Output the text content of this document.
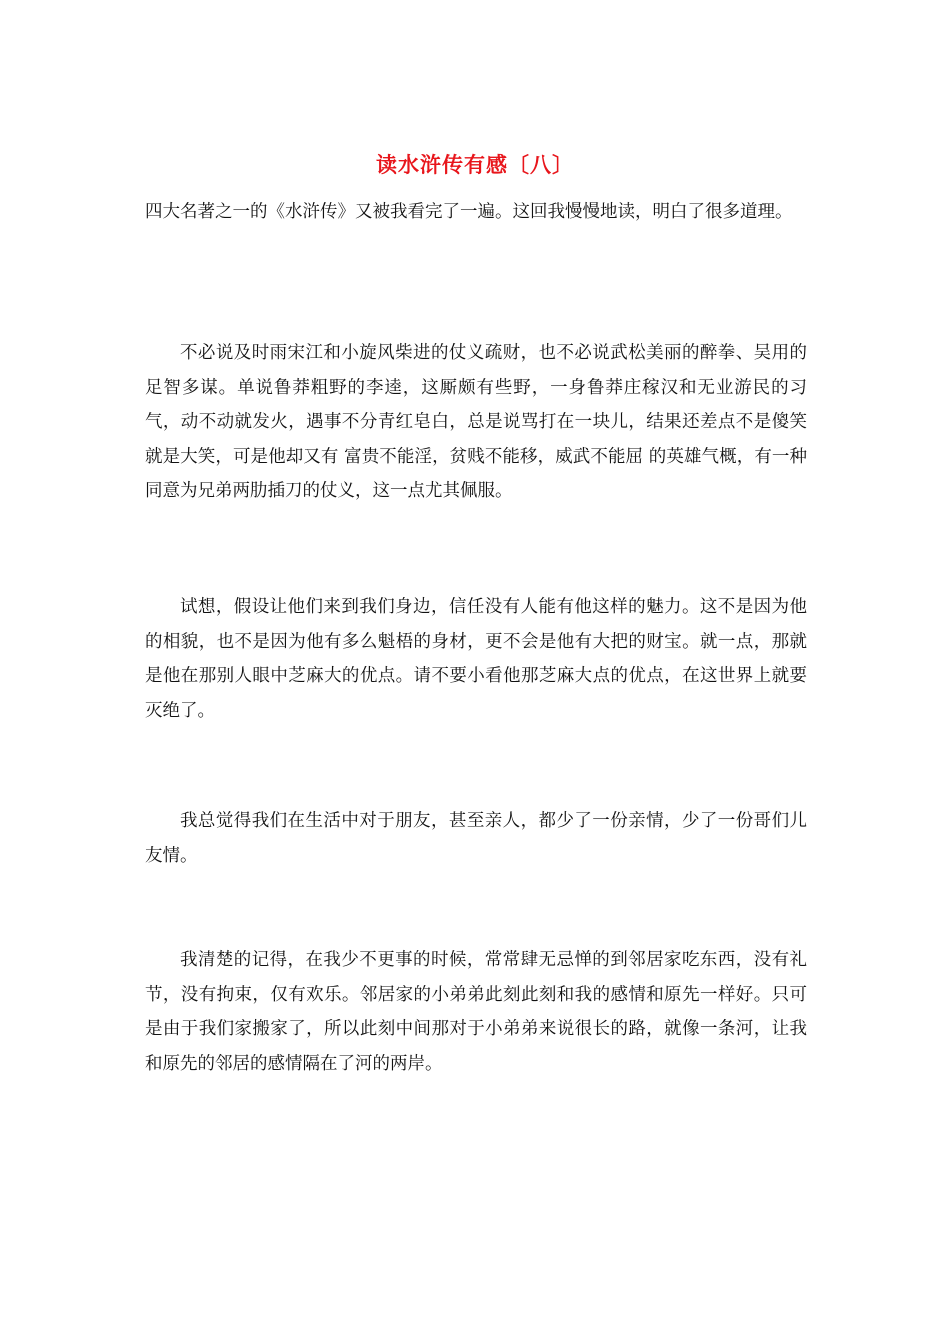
读水浒传有感〔八〕

四大名著之一的《水浒传》又被我看完了一遍。这回我慢慢地读，明白了很多道理。

不必说及时雨宋江和小旋风柴进的仗义疏财，也不必说武松美丽的醉拳、吴用的足智多谋。单说鲁莽粗野的李逵，这厮颇有些野，一身鲁莽庄稼汉和无业游民的习气，动不动就发火，遇事不分青红皂白，总是说骂打在一块儿，结果还差点不是傻笑就是大笑，可是他却又有 富贵不能淫，贫贱不能移，威武不能屈 的英雄气概，有一种同意为兄弟两肋插刀的仗义，这一点尤其佩服。

试想，假设让他们来到我们身边，信任没有人能有他这样的魅力。这不是因为他的相貌，也不是因为他有多么魁梧的身材，更不会是他有大把的财宝。就一点，那就是他在那别人眼中芝麻大的优点。请不要小看他那芝麻大点的优点，在这世界上就要灭绝了。

我总觉得我们在生活中对于朋友，甚至亲人，都少了一份亲情，少了一份哥们儿友情。

我清楚的记得，在我少不更事的时候，常常肆无忌惮的到邻居家吃东西，没有礼节，没有拘束，仅有欢乐。邻居家的小弟弟此刻此刻和我的感情和原先一样好。只可是由于我们家搬家了，所以此刻中间那对于小弟弟来说很长的路，就像一条河，让我和原先的邻居的感情隔在了河的两岸。
